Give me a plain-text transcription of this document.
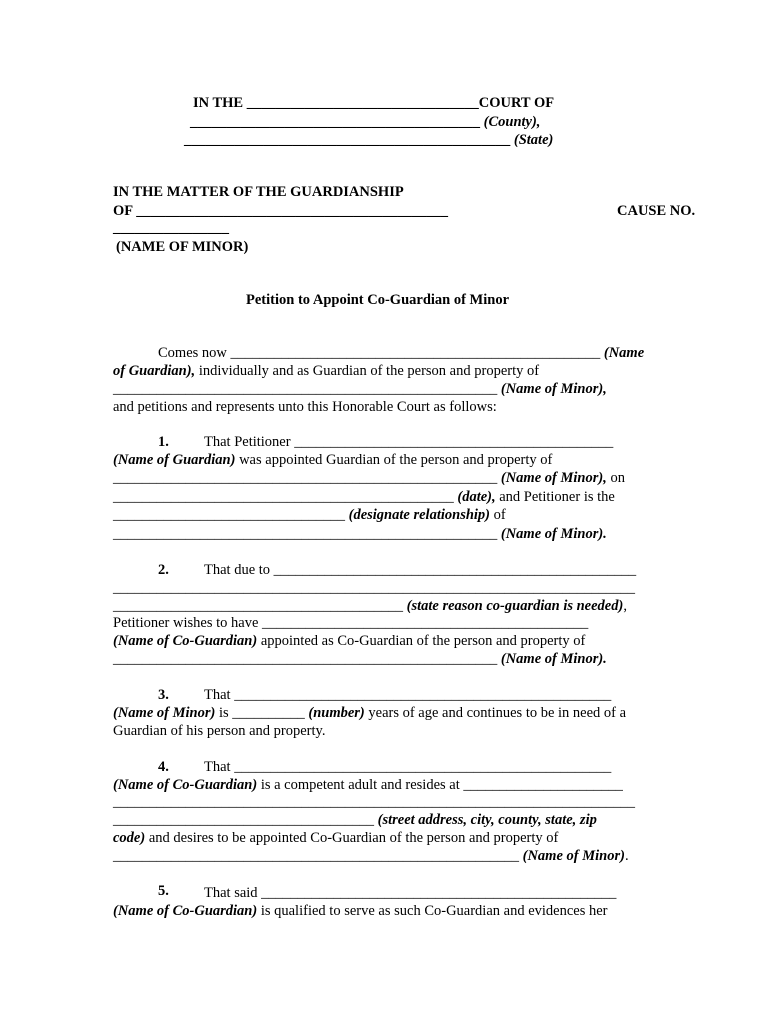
IN THE ________________________________COURT OF
________________________________________ (County),
_____________________________________________ (State)
IN THE MATTER OF THE GUARDIANSHIP
OF ___________________________________________	CAUSE NO.
________________
(NAME OF MINOR)
Petition to Appoint Co-Guardian of Minor
Comes now ___________________________________________________ (Name
of Guardian), individually and as Guardian of the person and property of
_____________________________________________________ (Name of Minor),
and petitions and represents unto this Honorable Court as follows:
1. That Petitioner ____________________________________________
(Name of Guardian) was appointed Guardian of the person and property of
_____________________________________________________ (Name of Minor), on
_______________________________________________ (date), and Petitioner is the
________________________________ (designate relationship) of
_____________________________________________________ (Name of Minor).
2. That due to __________________________________________________
________________________________________________________________________
________________________________________ (state reason co-guardian is needed),
Petitioner wishes to have _____________________________________________
(Name of Co-Guardian) appointed as Co-Guardian of the person and property of
_____________________________________________________ (Name of Minor).
3. That ____________________________________________________
(Name of Minor) is __________ (number) years of age and continues to be in need of a
Guardian of his person and property.
4. That ____________________________________________________
(Name of Co-Guardian) is a competent adult and resides at ______________________
________________________________________________________________________
____________________________________ (street address, city, county, state, zip
code) and desires to be appointed Co-Guardian of the person and property of
________________________________________________________ (Name of Minor).
5. That said _________________________________________________
(Name of Co-Guardian) is qualified to serve as such Co-Guardian and evidences her
